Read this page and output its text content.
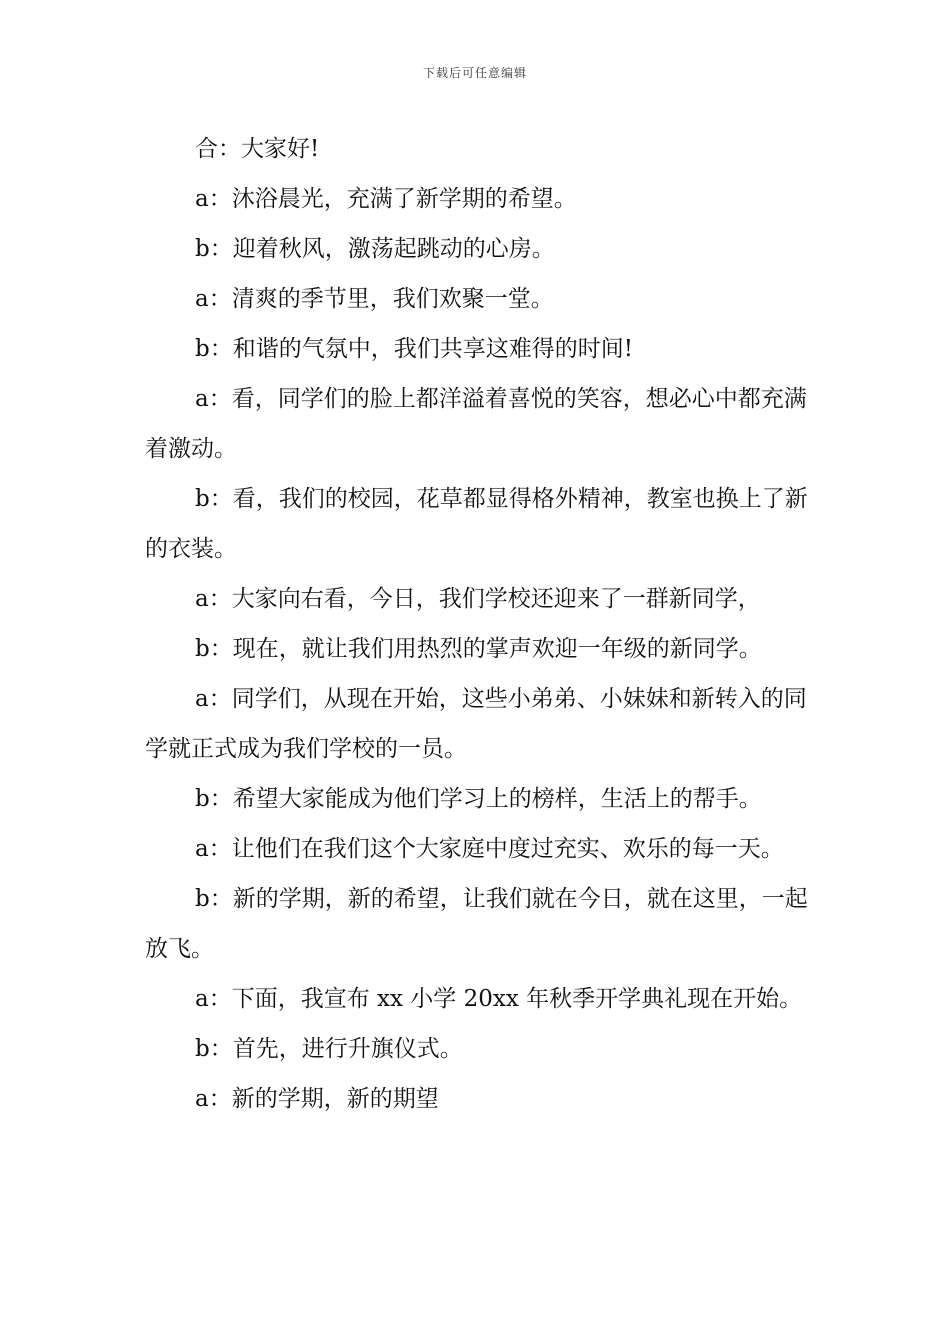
下载后可任意编辑

合：大家好!

a：沐浴晨光，充满了新学期的希望。

b：迎着秋风，激荡起跳动的心房。

a：清爽的季节里，我们欢聚一堂。

b：和谐的气氛中，我们共享这难得的时间!

a：看，同学们的脸上都洋溢着喜悦的笑容，想必心中都充满着激动。

b：看，我们的校园，花草都显得格外精神，教室也换上了新的衣装。

a：大家向右看，今日，我们学校还迎来了一群新同学，

b：现在，就让我们用热烈的掌声欢迎一年级的新同学。

a：同学们，从现在开始，这些小弟弟、小妹妹和新转入的同学就正式成为我们学校的一员。

b：希望大家能成为他们学习上的榜样，生活上的帮手。

a：让他们在我们这个大家庭中度过充实、欢乐的每一天。

b：新的学期，新的希望，让我们就在今日，就在这里，一起放飞。

a：下面，我宣布 xx 小学 20xx 年秋季开学典礼现在开始。

b：首先，进行升旗仪式。

a：新的学期，新的期望
